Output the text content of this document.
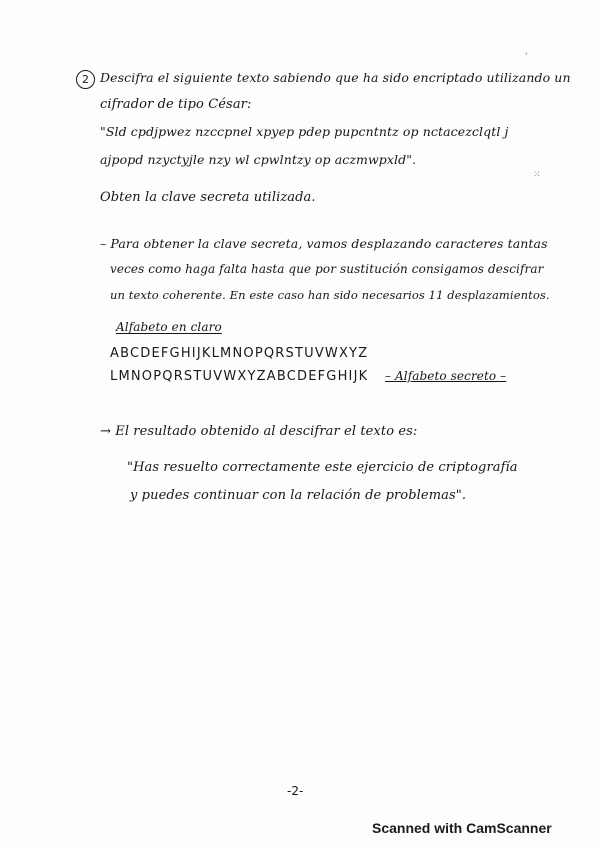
'
⁙
2 Descifra el siguiente texto sabiendo que ha sido encriptado utilizando un
cifrador de tipo César:
"Sld cpdjpwez nzccpnel xpyep pdep pupcntntz op nctacezclqtl j
ajpopd nzyctyjle nzy wl cpwlntzy op aczmwpxld".
Obten la clave secreta utilizada.
– Para obtener la clave secreta, vamos desplazando caracteres tantas
veces como haga falta hasta que por sustitución consigamos descifrar
un texto coherente. En este caso han sido necesarios 11 desplazamientos.
Alfabeto en claro
ABCDEFGHIJKLMNOPQRSTUVWXYZ
LMNOPQRSTUVWXYZABCDEFGHIJK – Alfabeto secreto –
→ El resultado obtenido al descifrar el texto es:
"Has resuelto correctamente este ejercicio de criptografía
y puedes continuar con la relación de problemas".
-2-
Scanned with CamScanner
